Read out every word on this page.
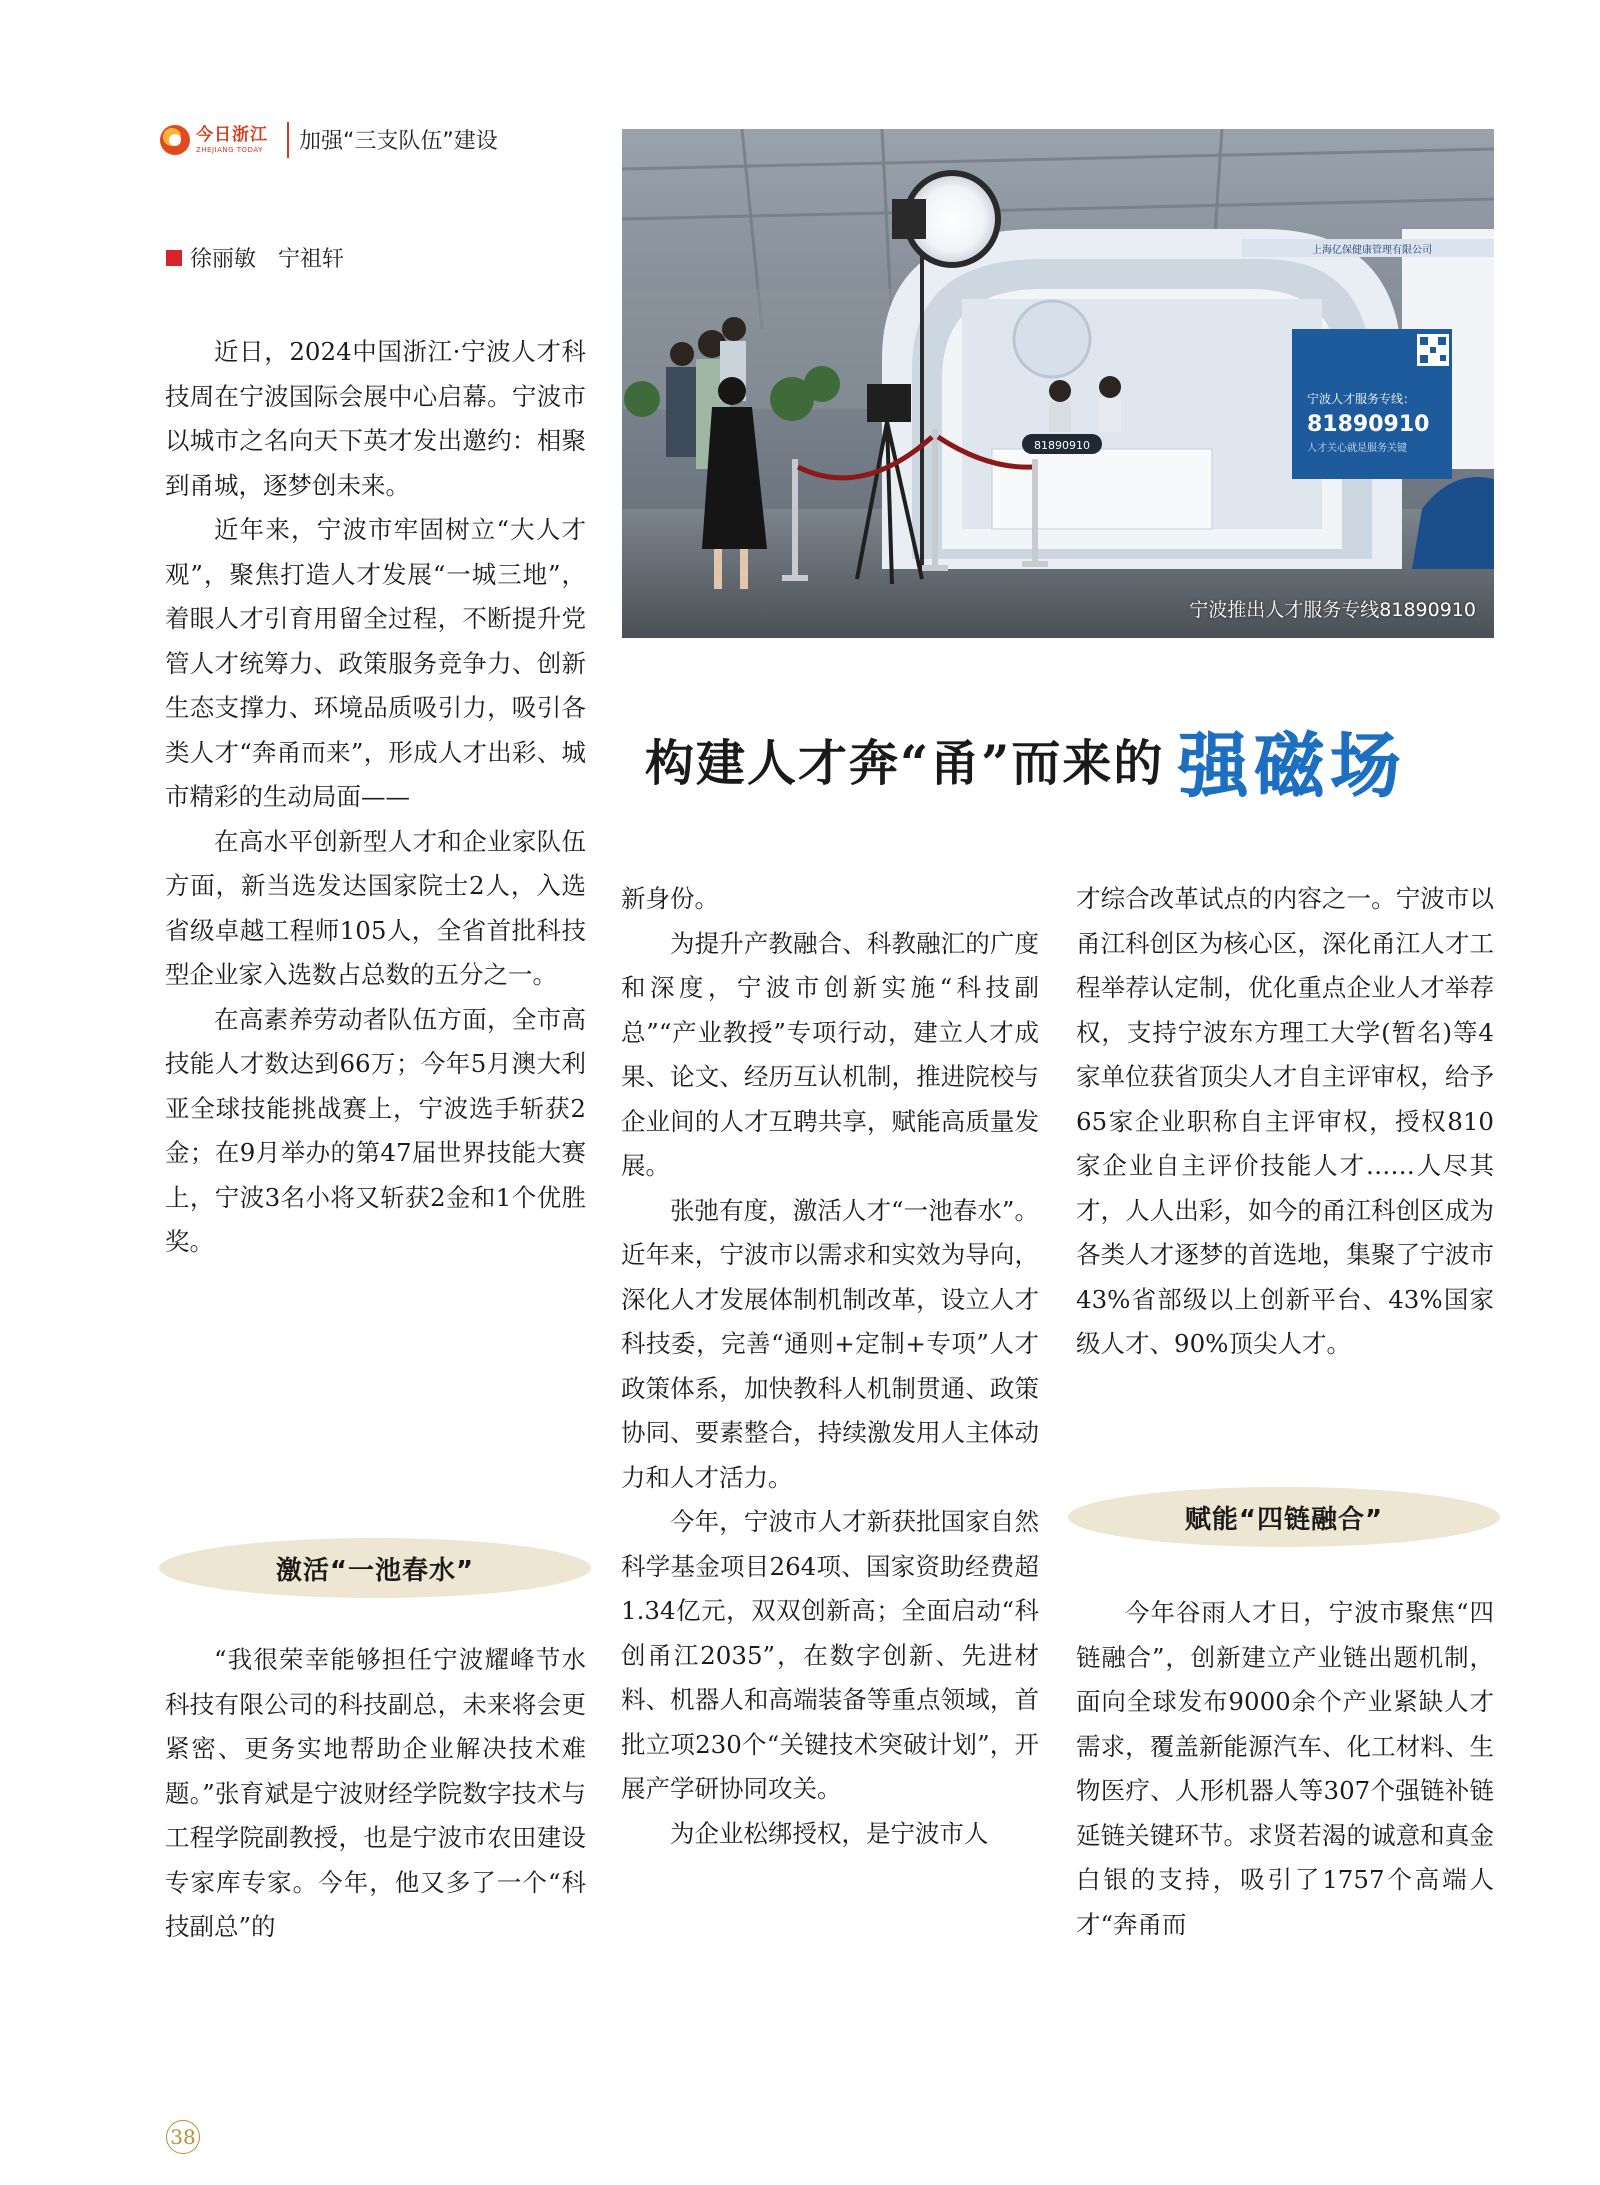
今日浙江
ZHEJIANG TODAY 加强“三支队伍”建设
徐丽敏　宁祖轩
81890910
上海亿保健康管理有限公司
宁波人才服务专线：
81890910
人才关心就是服务关键
宁波推出人才服务专线81890910
构建人才奔“甬”而来的 强磁场

近日，2024中国浙江·宁波人才科技周在宁波国际会展中心启幕。宁波市以城市之名向天下英才发出邀约：相聚到甬城，逐梦创未来。

近年来，宁波市牢固树立“大人才观”，聚焦打造人才发展“一城三地”，着眼人才引育用留全过程，不断提升党管人才统筹力、政策服务竞争力、创新生态支撑力、环境品质吸引力，吸引各类人才“奔甬而来”，形成人才出彩、城市精彩的生动局面——

在高水平创新型人才和企业家队伍方面，新当选发达国家院士2人，入选省级卓越工程师105人，全省首批科技型企业家入选数占总数的五分之一。

在高素养劳动者队伍方面，全市高技能人才数达到66万；今年5月澳大利亚全球技能挑战赛上，宁波选手斩获2金；在9月举办的第47届世界技能大赛上，宁波3名小将又斩获2金和1个优胜奖。

激活“一池春水”

“我很荣幸能够担任宁波耀峰节水科技有限公司的科技副总，未来将会更紧密、更务实地帮助企业解决技术难题。”张育斌是宁波财经学院数字技术与工程学院副教授，也是宁波市农田建设专家库专家。今年，他又多了一个“科技副总”的

新身份。

为提升产教融合、科教融汇的广度和深度，宁波市创新实施“科技副总”“产业教授”专项行动，建立人才成果、论文、经历互认机制，推进院校与企业间的人才互聘共享，赋能高质量发展。

张弛有度，激活人才“一池春水”。近年来，宁波市以需求和实效为导向，深化人才发展体制机制改革，设立人才科技委，完善“通则+定制+专项”人才政策体系，加快教科人机制贯通、政策协同、要素整合，持续激发用人主体动力和人才活力。

今年，宁波市人才新获批国家自然科学基金项目264项、国家资助经费超1.34亿元，双双创新高；全面启动“科创甬江2035”，在数字创新、先进材料、机器人和高端装备等重点领域，首批立项230个“关键技术突破计划”，开展产学研协同攻关。

为企业松绑授权，是宁波市人

才综合改革试点的内容之一。宁波市以甬江科创区为核心区，深化甬江人才工程举荐认定制，优化重点企业人才举荐权，支持宁波东方理工大学(暂名)等4家单位获省顶尖人才自主评审权，给予65家企业职称自主评审权，授权810家企业自主评价技能人才……人尽其才，人人出彩，如今的甬江科创区成为各类人才逐梦的首选地，集聚了宁波市43%省部级以上创新平台、43%国家级人才、90%顶尖人才。

赋能“四链融合”

今年谷雨人才日，宁波市聚焦“四链融合”，创新建立产业链出题机制，面向全球发布9000余个产业紧缺人才需求，覆盖新能源汽车、化工材料、生物医疗、人形机器人等307个强链补链延链关键环节。求贤若渴的诚意和真金白银的支持，吸引了1757个高端人才“奔甬而

38
